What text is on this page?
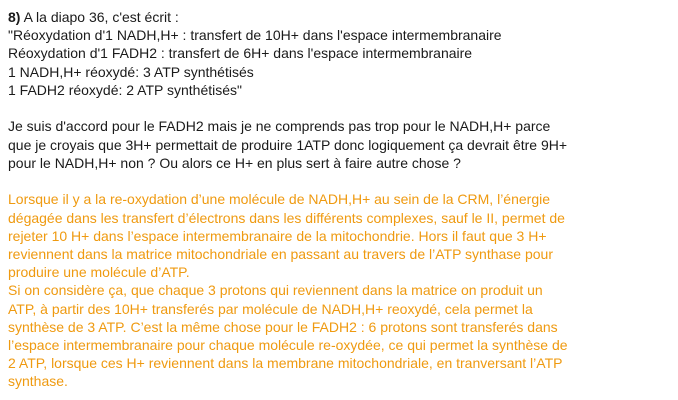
8) A la diapo 36, c'est écrit :
"Réoxydation d'1 NADH,H+ : transfert de 10H+ dans l'espace intermembranaire
Réoxydation d'1 FADH2 : transfert de 6H+ dans l'espace intermembranaire
1 NADH,H+ réoxydé: 3 ATP synthétisés
1 FADH2 réoxydé: 2 ATP synthétisés"
Je suis d'accord pour le FADH2 mais je ne comprends pas trop pour le NADH,H+ parce
que je croyais que 3H+ permettait de produire 1ATP donc logiquement ça devrait être 9H+
pour le NADH,H+ non ? Ou alors ce H+ en plus sert à faire autre chose ?
Lorsque il y a la re-oxydation d’une molécule de NADH,H+ au sein de la CRM, l’énergie
dégagée dans les transfert d’électrons dans les différents complexes, sauf le II, permet de
rejeter 10 H+ dans l’espace intermembranaire de la mitochondrie. Hors il faut que 3 H+
reviennent dans la matrice mitochondriale en passant au travers de l’ATP synthase pour
produire une molécule d’ATP.
Si on considère ça, que chaque 3 protons qui reviennent dans la matrice on produit un
ATP, à partir des 10H+ transferés par molécule de NADH,H+ reoxydé, cela permet la
synthèse de 3 ATP. C’est la même chose pour le FADH2 : 6 protons sont transferés dans
l’espace intermembranaire pour chaque molécule re-oxydée, ce qui permet la synthèse de
2 ATP, lorsque ces H+ reviennent dans la membrane mitochondriale, en tranversant l’ATP
synthase.
